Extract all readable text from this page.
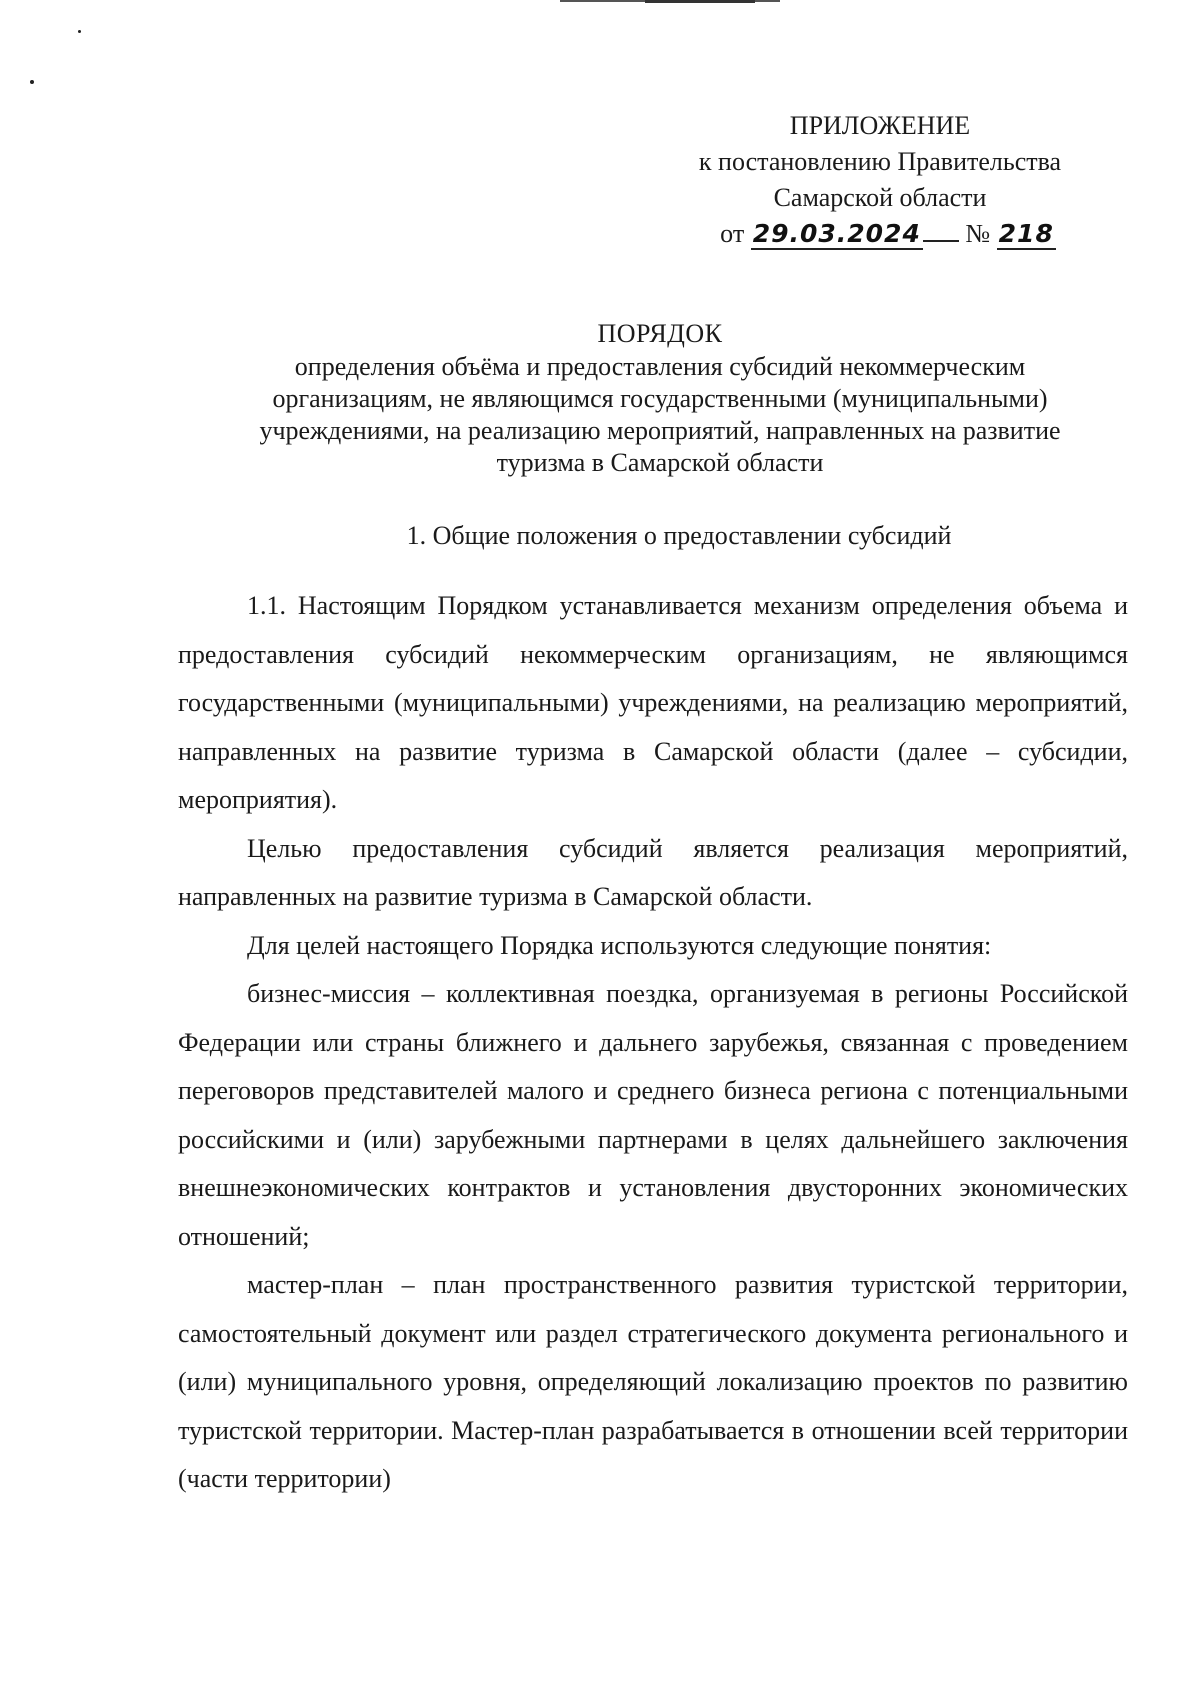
ПРИЛОЖЕНИЕ
к постановлению Правительства
Самарской области
от 29.03.2024 № 218
ПОРЯДОК
определения объёма и предоставления субсидий некоммерческим
организациям, не являющимся государственными (муниципальными)
учреждениями, на реализацию мероприятий, направленных на развитие
туризма в Самарской области
1. Общие положения о предоставлении субсидий

1.1. Настоящим Порядком устанавливается механизм определения объема и предоставления субсидий некоммерческим организациям, не являющимся государственными (муниципальными) учреждениями, на реализацию мероприятий, направленных на развитие туризма в Самарской области (далее – субсидии, мероприятия).

Целью предоставления субсидий является реализация мероприятий, направленных на развитие туризма в Самарской области.

Для целей настоящего Порядка используются следующие понятия:

бизнес-миссия – коллективная поездка, организуемая в регионы Российской Федерации или страны ближнего и дальнего зарубежья, связанная с проведением переговоров представителей малого и среднего бизнеса региона с потенциальными российскими и (или) зарубежными партнерами в целях дальнейшего заключения внешнеэкономических контрактов и установления двусторонних экономических отношений;

мастер-план – план пространственного развития туристской территории, самостоятельный документ или раздел стратегического документа регионального и (или) муниципального уровня, определяющий локализацию проектов по развитию туристской территории. Мастер-план разрабатывается в отношении всей территории (части территории)
